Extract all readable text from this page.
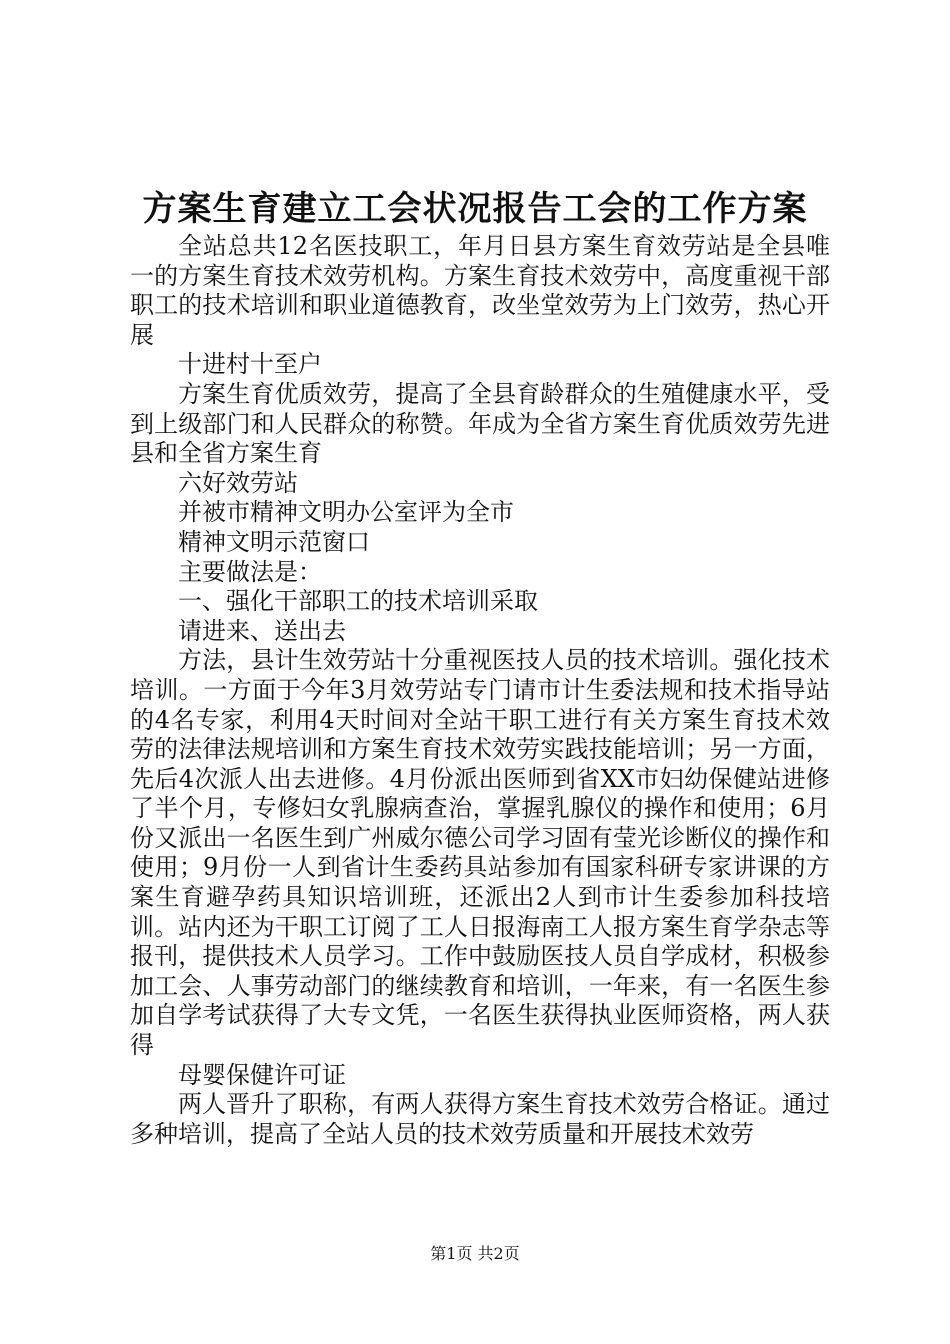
方案生育建立工会状况报告工会的工作方案

全站总共12名医技职工，年月日县方案生育效劳站是全县唯一的方案生育技术效劳机构。方案生育技术效劳中，高度重视干部职工的技术培训和职业道德教育，改坐堂效劳为上门效劳，热心开展

十进村十至户

方案生育优质效劳，提高了全县育龄群众的生殖健康水平，受到上级部门和人民群众的称赞。年成为全省方案生育优质效劳先进县和全省方案生育

六好效劳站

并被市精神文明办公室评为全市

精神文明示范窗口

主要做法是：

一、强化干部职工的技术培训采取

请进来、送出去

方法，县计生效劳站十分重视医技人员的技术培训。强化技术培训。一方面于今年3月效劳站专门请市计生委法规和技术指导站的4名专家，利用4天时间对全站干职工进行有关方案生育技术效劳的法律法规培训和方案生育技术效劳实践技能培训；另一方面，先后4次派人出去进修。4月份派出医师到省XX市妇幼保健站进修了半个月，专修妇女乳腺病查治，掌握乳腺仪的操作和使用；6月份又派出一名医生到广州威尔德公司学习固有莹光诊断仪的操作和使用；9月份一人到省计生委药具站参加有国家科研专家讲课的方案生育避孕药具知识培训班，还派出2人到市计生委参加科技培训。站内还为干职工订阅了工人日报海南工人报方案生育学杂志等报刊，提供技术人员学习。工作中鼓励医技人员自学成材，积极参加工会、人事劳动部门的继续教育和培训，一年来，有一名医生参加自学考试获得了大专文凭，一名医生获得执业医师资格，两人获得

母婴保健许可证

两人晋升了职称，有两人获得方案生育技术效劳合格证。通过多种培训，提高了全站人员的技术效劳质量和开展技术效劳

第1页 共2页
